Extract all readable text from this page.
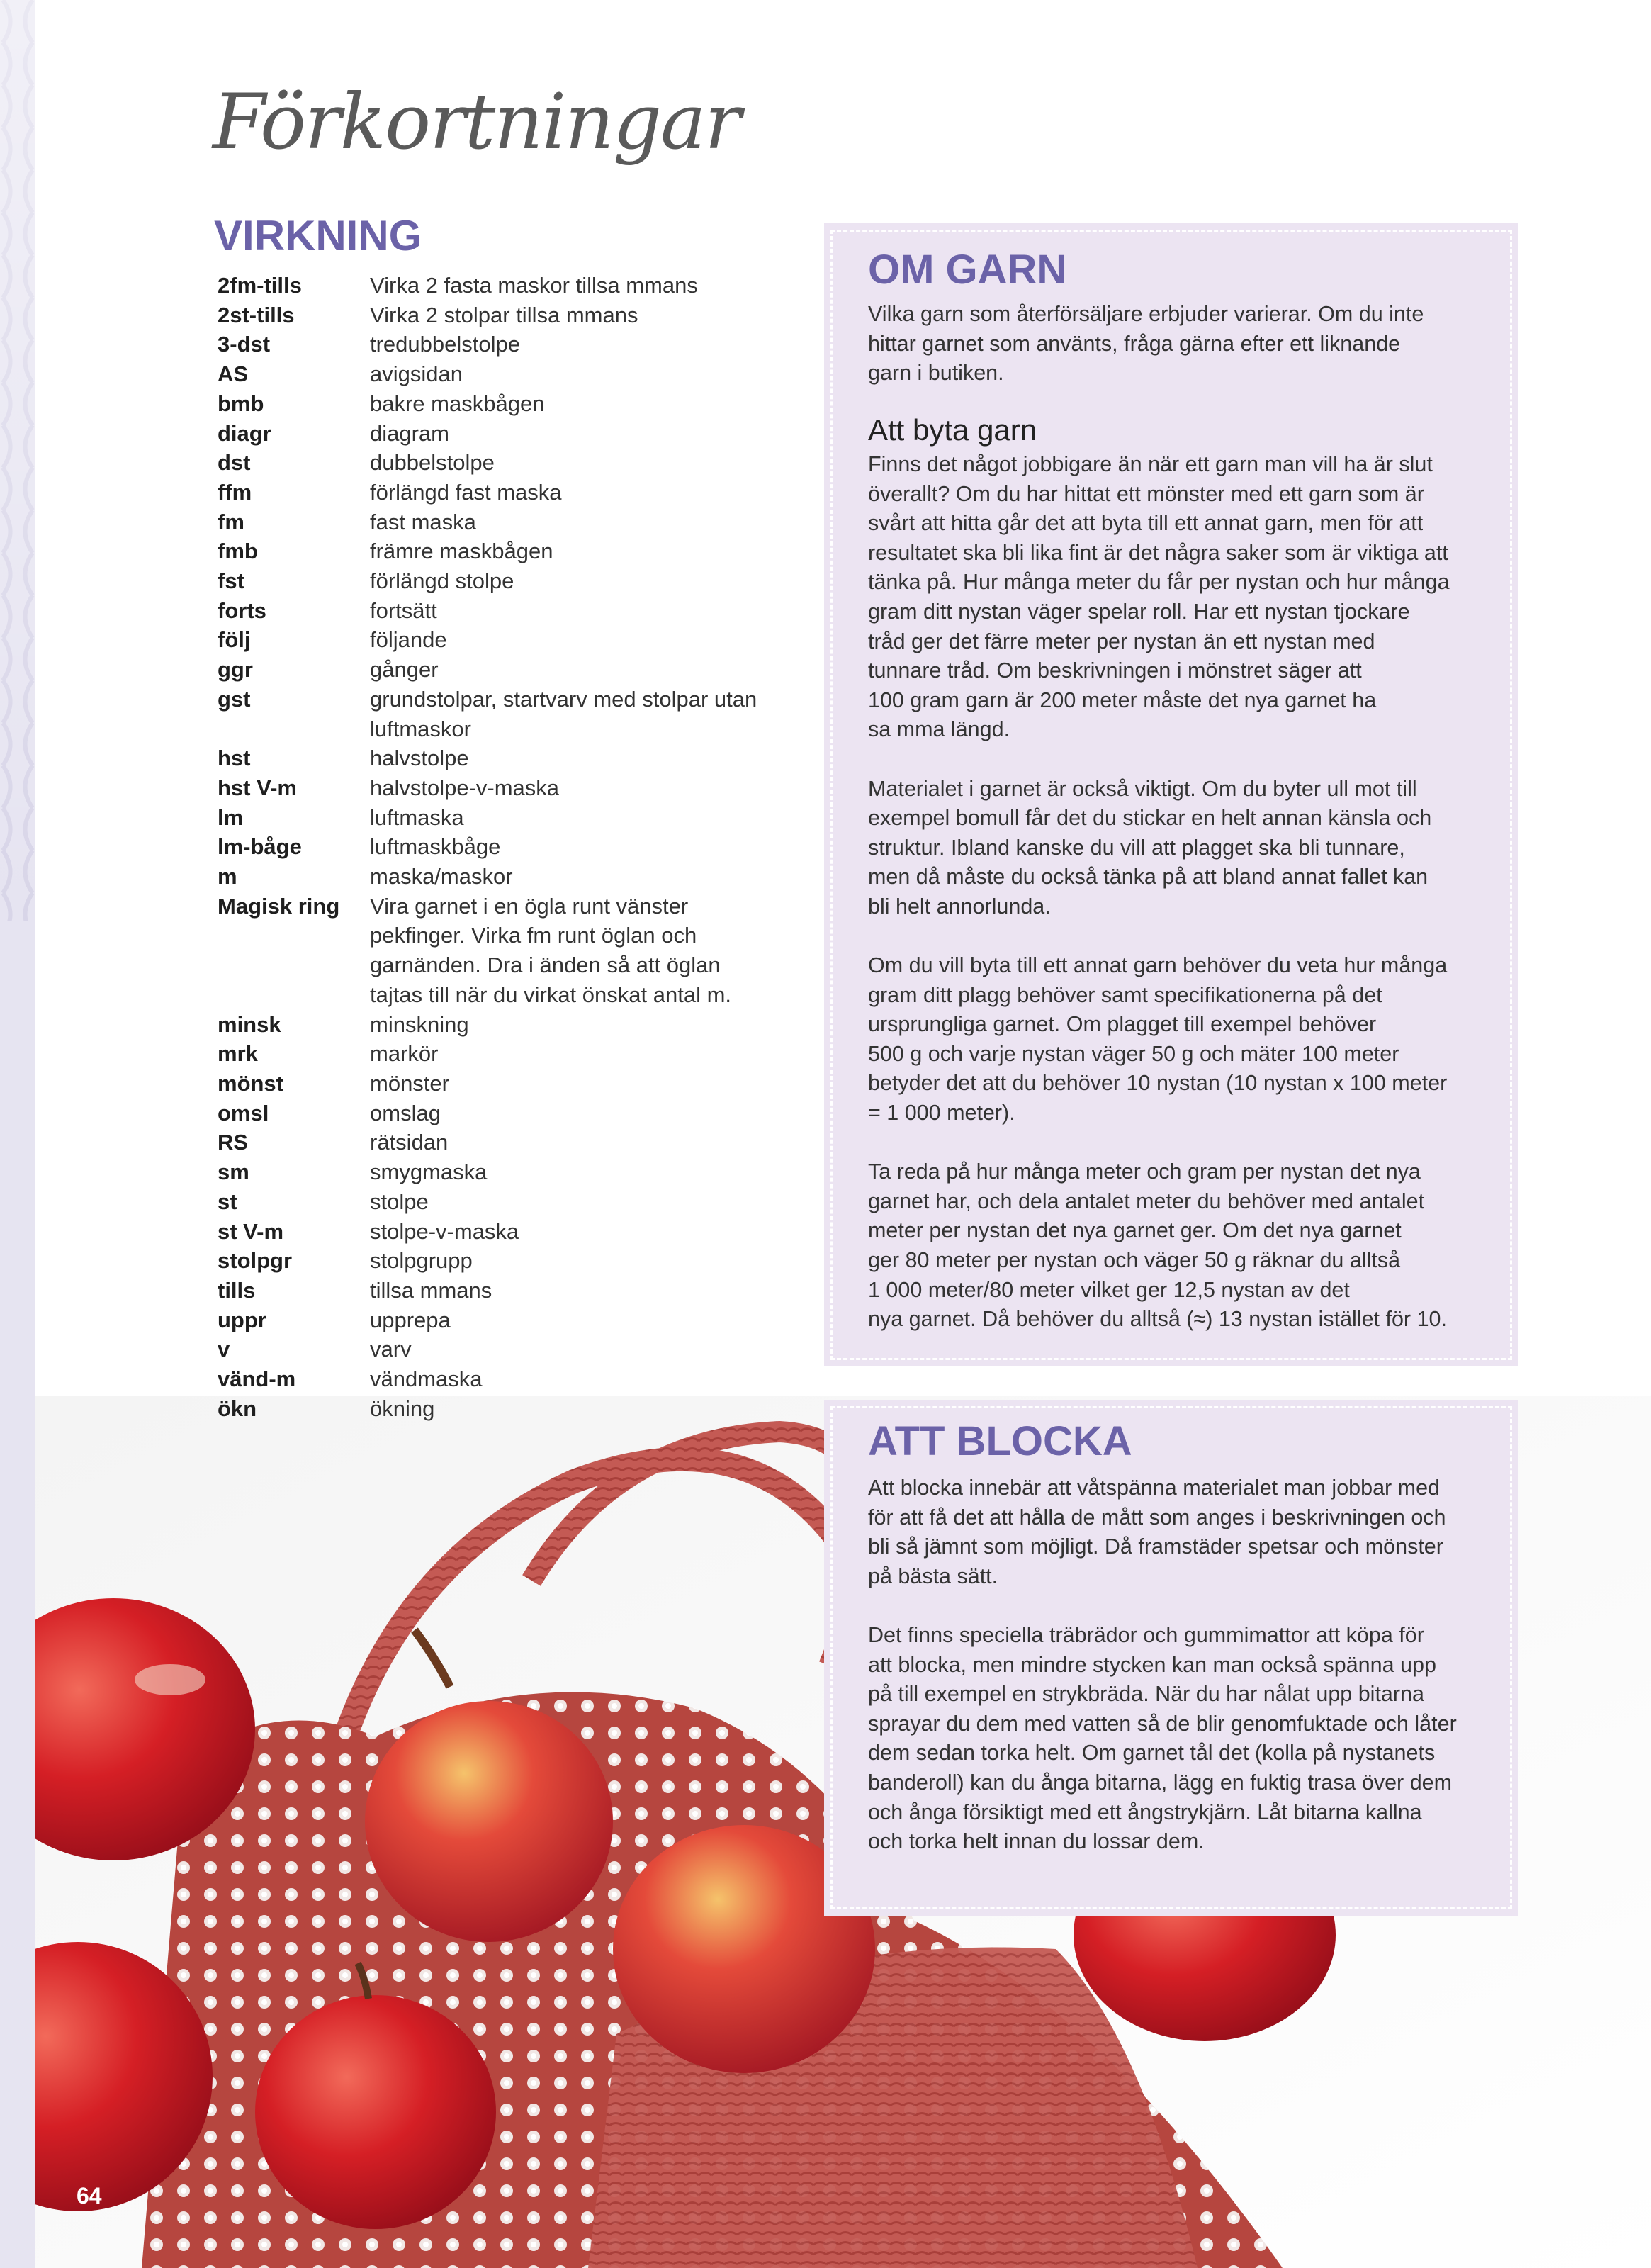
Förkortningar
VIRKNING
2fm-tills	Virka 2 fasta maskor tillsa mmans
2st-tills	Virka 2 stolpar tillsa mmans
3-dst	tredubbelstolpe
AS	avigsidan
bmb	bakre maskbågen
diagr	diagram
dst	dubbelstolpe
ffm	förlängd fast maska
fm	fast maska
fmb	främre maskbågen
fst	förlängd stolpe
forts	fortsätt
följ	följande
ggr	gånger
gst	grundstolpar, startvarv med stolpar utan luftmaskor
hst	halvstolpe
hst V-m	halvstolpe-v-maska
lm	luftmaska
lm-båge	luftmaskbåge
m	maska/maskor
Magisk ring	Vira garnet i en ögla runt vänster pekfinger. Virka fm runt öglan och garnänden. Dra i änden så att öglan tajtas till när du virkat önskat antal m.
minsk	minskning
mrk	markör
mönst	mönster
omsl	omslag
RS	rätsidan
sm	smygmaska
st	stolpe
st V-m	stolpe-v-maska
stolpgr	stolpgrupp
tills	tillsa mmans
uppr	upprepa
v	varv
vänd-m	vändmaska
ökn	ökning
OM GARN

Vilka garn som återförsäljare erbjuder varierar. Om du inte
hittar garnet som använts, fråga gärna efter ett liknande
garn i butiken.

Att byta garn

Finns det något jobbigare än när ett garn man vill ha är slut
överallt? Om du har hittat ett mönster med ett garn som är
svårt att hitta går det att byta till ett annat garn, men för att
resultatet ska bli lika fint är det några saker som är viktiga att
tänka på. Hur många meter du får per nystan och hur många
gram ditt nystan väger spelar roll. Har ett nystan tjockare
tråd ger det färre meter per nystan än ett nystan med
tunnare tråd. Om beskrivningen i mönstret säger att
100 gram garn är 200 meter måste det nya garnet ha
sa mma längd.

Materialet i garnet är också viktigt. Om du byter ull mot till
exempel bomull får det du stickar en helt annan känsla och
struktur. Ibland kanske du vill att plagget ska bli tunnare,
men då måste du också tänka på att bland annat fallet kan
bli helt annorlunda.

Om du vill byta till ett annat garn behöver du veta hur många
gram ditt plagg behöver samt specifikationerna på det
ursprungliga garnet. Om plagget till exempel behöver
500 g och varje nystan väger 50 g och mäter 100 meter
betyder det att du behöver 10 nystan (10 nystan x 100 meter
= 1 000 meter).

Ta reda på hur många meter och gram per nystan det nya
garnet har, och dela antalet meter du behöver med antalet
meter per nystan det nya garnet ger. Om det nya garnet
ger 80 meter per nystan och väger 50 g räknar du alltså
1 000 meter/80 meter vilket ger 12,5 nystan av det
nya garnet. Då behöver du alltså (≈) 13 nystan istället för 10.

ATT BLOCKA

Att blocka innebär att våtspänna materialet man jobbar med
för att få det att hålla de mått som anges i beskrivningen och
bli så jämnt som möjligt. Då framstäder spetsar och mönster
på bästa sätt.

Det finns speciella träbrädor och gummimattor att köpa för
att blocka, men mindre stycken kan man också spänna upp
på till exempel en strykbräda. När du har nålat upp bitarna
sprayar du dem med vatten så de blir genomfuktade och låter
dem sedan torka helt. Om garnet tål det (kolla på nystanets
banderoll) kan du ånga bitarna, lägg en fuktig trasa över dem
och ånga försiktigt med ett ångstrykjärn. Låt bitarna kallna
och torka helt innan du lossar dem.

64
